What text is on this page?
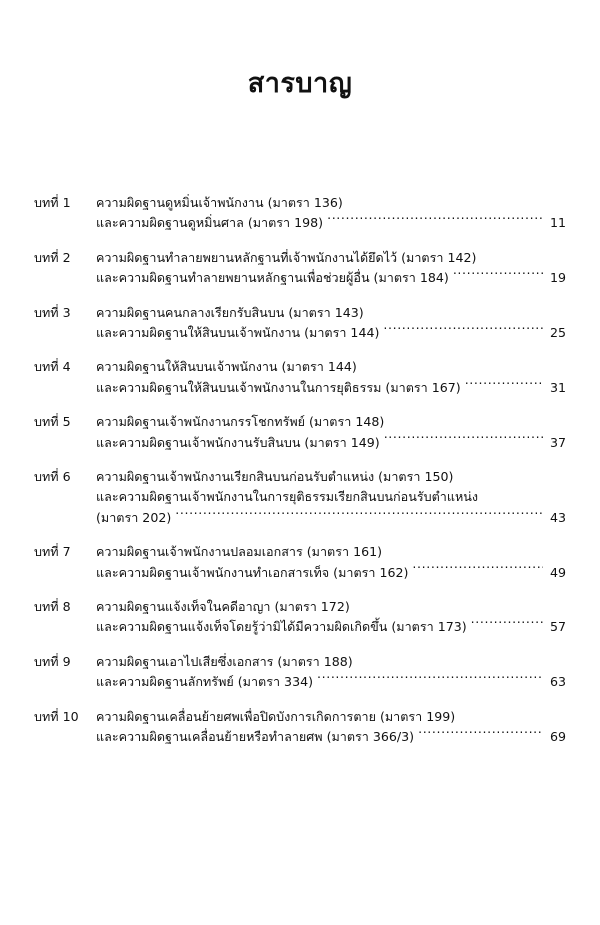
สารบาญ
บทที่ 1	ความผิดฐานดูหมิ่นเจ้าพนักงาน (มาตรา 136)
และความผิดฐานดูหมิ่นศาล (มาตรา 198) .....	11
บทที่ 2	ความผิดฐานทำลายพยานหลักฐานที่เจ้าพนักงานได้ยึดไว้ (มาตรา 142)
และความผิดฐานทำลายพยานหลักฐานเพื่อช่วยผู้อื่น (มาตรา 184) .....	19
บทที่ 3	ความผิดฐานคนกลางเรียกรับสินบน (มาตรา 143)
และความผิดฐานให้สินบนเจ้าพนักงาน (มาตรา 144) .....	25
บทที่ 4	ความผิดฐานให้สินบนเจ้าพนักงาน (มาตรา 144)
และความผิดฐานให้สินบนเจ้าพนักงานในการยุติธรรม (มาตรา 167) .....	31
บทที่ 5	ความผิดฐานเจ้าพนักงานกรรโชกทรัพย์ (มาตรา 148)
และความผิดฐานเจ้าพนักงานรับสินบน (มาตรา 149) .....	37
บทที่ 6	ความผิดฐานเจ้าพนักงานเรียกสินบนก่อนรับตำแหน่ง (มาตรา 150)
และความผิดฐานเจ้าพนักงานในการยุติธรรมเรียกสินบนก่อนรับตำแหน่ง
(มาตรา 202) .....	43
บทที่ 7	ความผิดฐานเจ้าพนักงานปลอมเอกสาร (มาตรา 161)
และความผิดฐานเจ้าพนักงานทำเอกสารเท็จ (มาตรา 162) .....	49
บทที่ 8	ความผิดฐานแจ้งเท็จในคดีอาญา (มาตรา 172)
และความผิดฐานแจ้งเท็จโดยรู้ว่ามิได้มีความผิดเกิดขึ้น (มาตรา 173) .....	57
บทที่ 9	ความผิดฐานเอาไปเสียซึ่งเอกสาร (มาตรา 188)
และความผิดฐานลักทรัพย์ (มาตรา 334) .....	63
บทที่ 10	ความผิดฐานเคลื่อนย้ายศพเพื่อปิดบังการเกิดการตาย (มาตรา 199)
และความผิดฐานเคลื่อนย้ายหรือทำลายศพ (มาตรา 366/3) .....	69
